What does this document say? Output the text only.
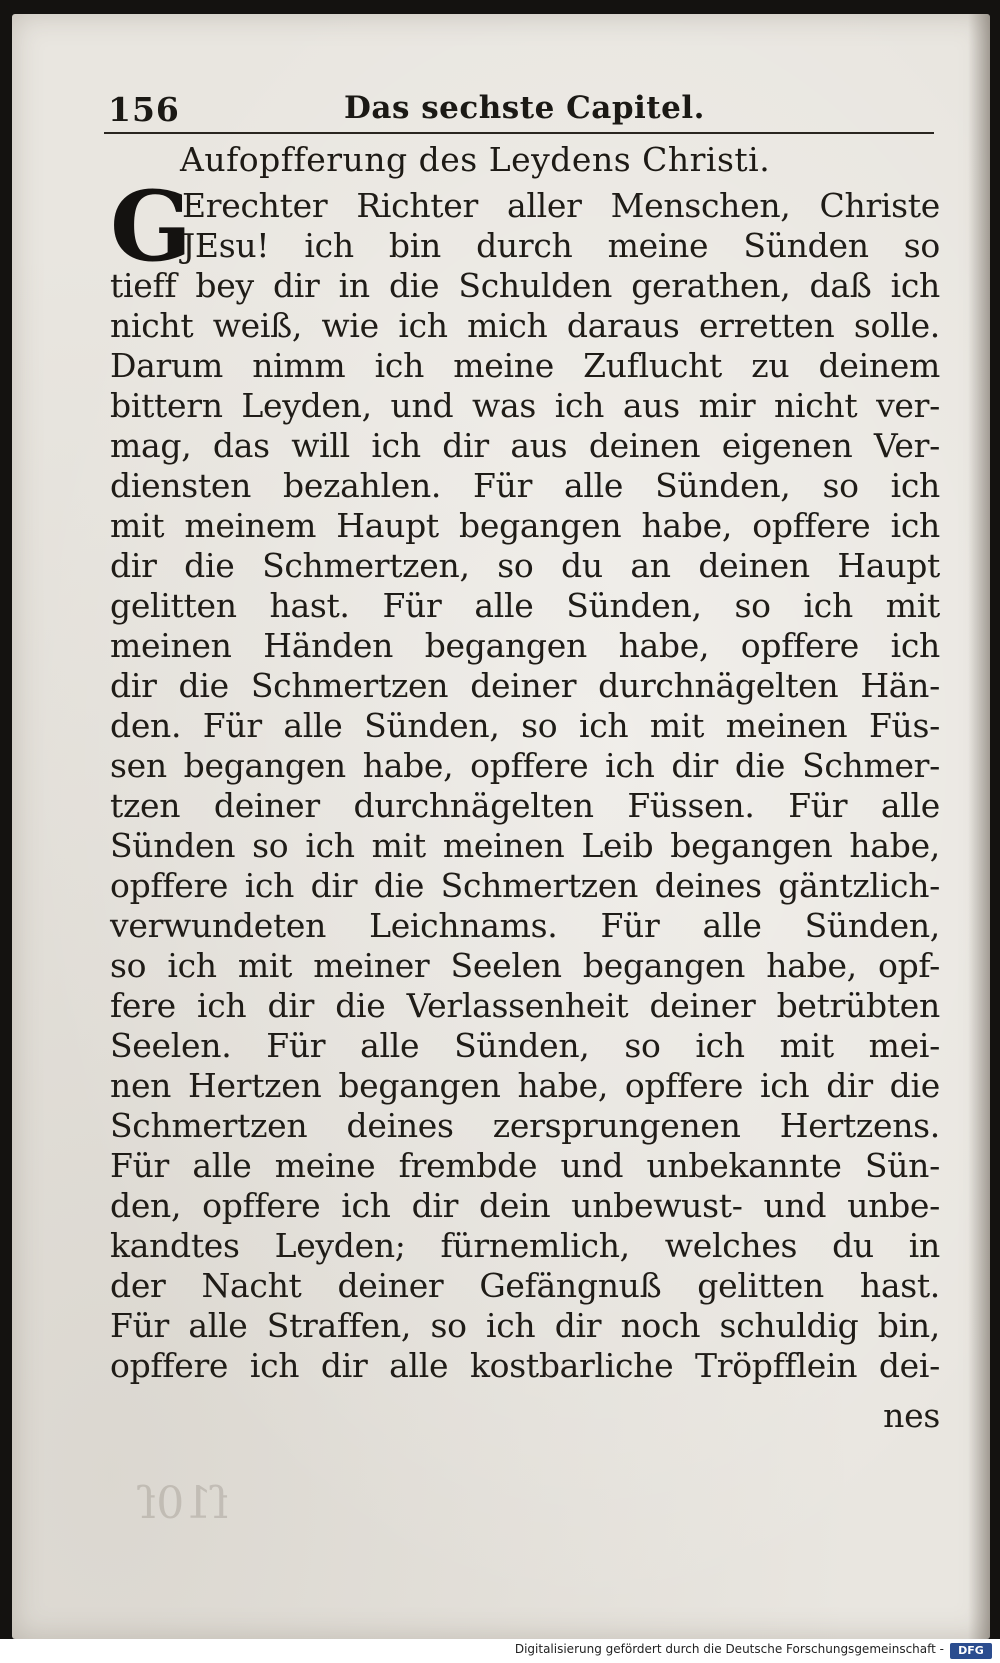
156	Das sechste Capitel.
Aufopfferung des Leydens Christi.
G
Erechter Richter aller Menschen, Christe
JEsu! ich bin durch meine Sünden so
tieff bey dir in die Schulden gerathen, daß ich
nicht weiß, wie ich mich daraus erretten solle.
Darum nimm ich meine Zuflucht zu deinem
bittern Leyden, und was ich aus mir nicht ver-
mag, das will ich dir aus deinen eigenen Ver-
diensten bezahlen. Für alle Sünden, so ich
mit meinem Haupt begangen habe, opffere ich
dir die Schmertzen, so du an deinen Haupt
gelitten hast. Für alle Sünden, so ich mit
meinen Händen begangen habe, opffere ich
dir die Schmertzen deiner durchnägelten Hän-
den. Für alle Sünden, so ich mit meinen Füs-
sen begangen habe, opffere ich dir die Schmer-
tzen deiner durchnägelten Füssen. Für alle
Sünden so ich mit meinen Leib begangen habe,
opffere ich dir die Schmertzen deines gäntzlich-
verwundeten Leichnams. Für alle Sünden,
so ich mit meiner Seelen begangen habe, opf-
fere ich dir die Verlassenheit deiner betrübten
Seelen. Für alle Sünden, so ich mit mei-
nen Hertzen begangen habe, opffere ich dir die
Schmertzen deines zersprungenen Hertzens.
Für alle meine frembde und unbekannte Sün-
den, opffere ich dir dein unbewust- und unbe-
kandtes Leyden; fürnemlich, welches du in
der Nacht deiner Gefängnuß gelitten hast.
Für alle Straffen, so ich dir noch schuldig bin,
opffere ich dir alle kostbarliche Tröpfflein dei-
nes
ſ10ſ
Digitalisierung gefördert durch die Deutsche Forschungsgemeinschaft -	DFG
